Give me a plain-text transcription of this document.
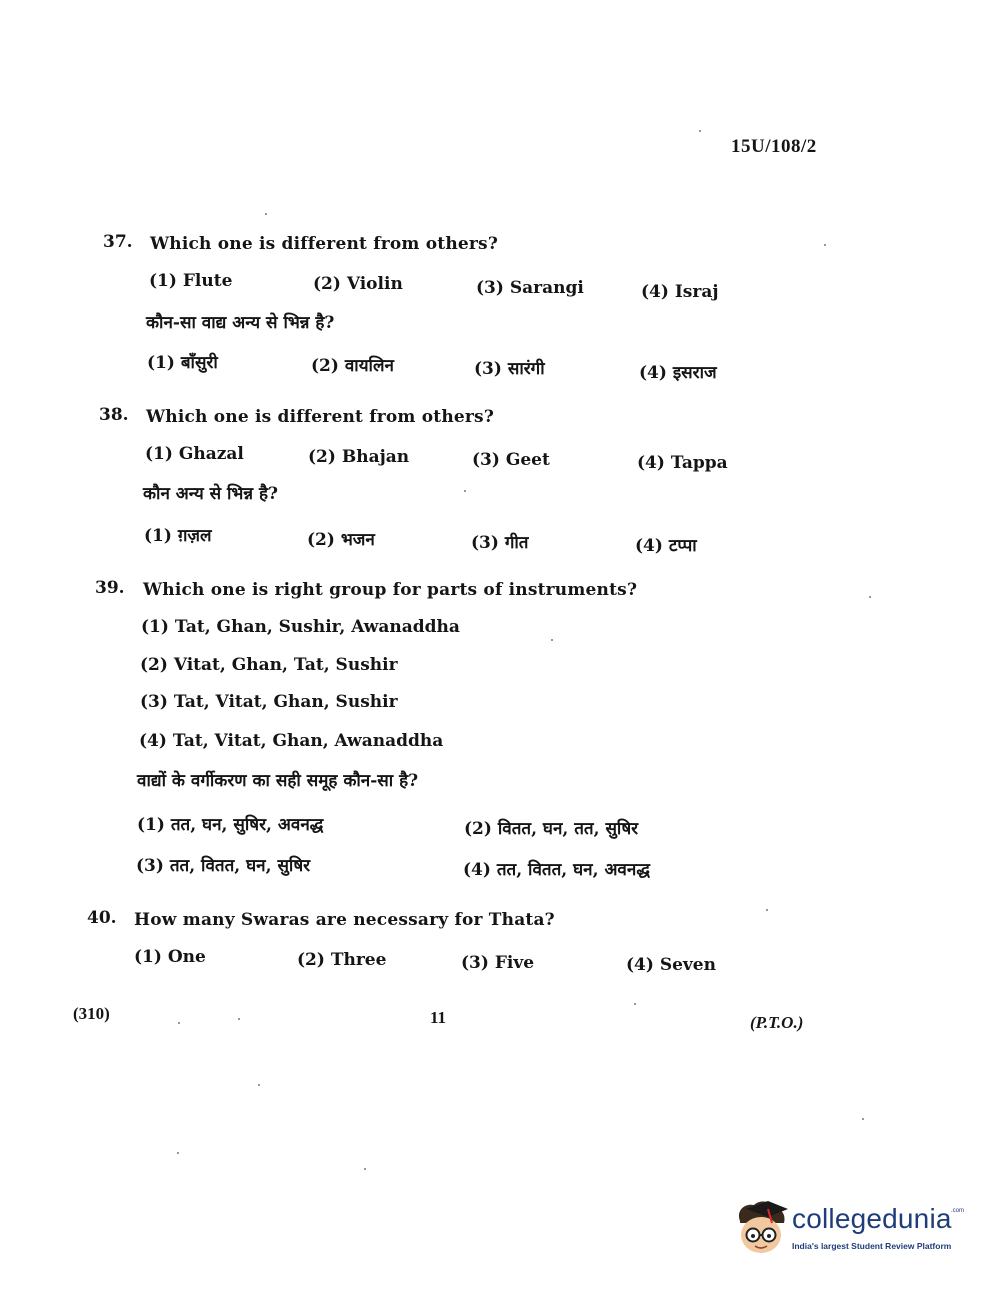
15U/108/2
37. Which one is different from others?
(1) Flute	(2) Violin	(3) Sarangi	(4) Israj
कौन-सा वाद्य अन्य से भिन्न है?
(1) बाँसुरी	(2) वायलिन	(3) सारंगी	(4) इसराज
38. Which one is different from others?
(1) Ghazal	(2) Bhajan	(3) Geet	(4) Tappa
कौन अन्य से भिन्न है?
(1) ग़ज़ल	(2) भजन	(3) गीत	(4) टप्पा
39. Which one is right group for parts of instruments?
(1) Tat, Ghan, Sushir, Awanaddha
(2) Vitat, Ghan, Tat, Sushir
(3) Tat, Vitat, Ghan, Sushir
(4) Tat, Vitat, Ghan, Awanaddha
वाद्यों के वर्गीकरण का सही समूह कौन-सा है?
(1) तत, घन, सुषिर, अवनद्ध	(2) वितत, घन, तत, सुषिर
(3) तत, वितत, घन, सुषिर	(4) तत, वितत, घन, अवनद्ध
40. How many Swaras are necessary for Thata?
(1) One	(2) Three	(3) Five	(4) Seven
(310)	11	(P.T.O.)
collegedunia .com
India's largest Student Review Platform
